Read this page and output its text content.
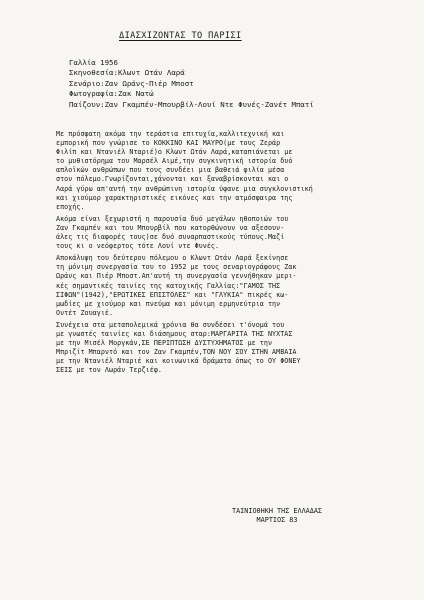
ΔΙΑΣΧΙΖΟΝΤΑΣ ΤΟ ΠΑΡΙΣΙ
Γαλλία 1956
Σκηνοθεσία:Κλωντ Ωτάν Λαρά
Σενάριο:Ζαν Ωράνς-Πιέρ Μποστ
Φωτογραφία:Ζακ Νατώ
Παίζουν:Ζαν Γκαμπέν-Μπουρβίλ-Λουί Ντε Φυνές-Ζανέτ Μπατί

Με πρόσφατη ακόμα την τεράστια επιτυχία,καλλιτεχνική και

εμπορική που γνώρισε το ΚΟΚΚΙΝΟ ΚΑΙ ΜΑΥΡΟ(με τους Ζεράρ

Φιλίπ και Ντανιέλ Νταριέ)ο Κλωντ Ωτάν Λαρά,καταπιάνεται με

το μυθιστόρημα του Μαρσέλ Αιμέ,την συγκινητική ιστορία δυό

απλοϊκών ανθρώπων που τους συνδέει μια βαθειά φιλία μέσα

στον πόλεμο.Γνωρίζονται,χάνονται και ξαναβρίσκονται και ο

Λαρά γύρω απ'αυτή την ανθρώπινη ιστορία ύφανε μια συγκλονιστική

και χιούμορ χαρακτηριστικές εικόνες και την ατμόσφαιρα της

εποχής.

Ακόμα είναι ξεχωριστή η παρουσία δυό μεγάλων ηθοποιών του

Ζαν Γκαμπέν και του Μπουρβίλ που κατορθώνουν να αξεσουν-

άλες τις διαφορές τους)σε δυό συναρπαστικούς τύπους.Μαζί

τους κι ο νεόφερτος τότε Λουί ντε Φυνές.

Αποκάλυψη του δεύτερου πόλεμου ο Κλωντ Ωτάν Λαρά ξεκίνησε

τη μόνιμη συνεργασία του το 1952 με τους σεναριογράφους Ζακ

Ωράνς και Πιέρ Μποστ.Απ'αυτή τη συνεργασία γεννήθηκαν μερι-

κές σημαντικές ταινίες της κατοχικής Γαλλίας:"ΓΑΜΟΣ ΤΗΣ

ΣΙΦΩΝ"(1942),"ΕΡΩΤΙΚΕΣ ΕΠΙΣΤΟΛΕΣ" και "ΓΛΥΚΙΑ" πικρές κω-

μωδίες με χιούμορ και πνεύμα και μόνιμη ερμηνεύτρια την

Οντέτ Ζουαγιέ.

Συνέχεια στα μεταπολεμικά χρόνια θα συνδέσει τ'όνομά του

με γνωστές ταινίες και διάσημους σταρ:ΜΑΡΓΑΡΙΤΑ ΤΗΣ ΝΥΧΤΑΣ

με την Μισέλ Μοργκάν,ΣΕ ΠΕΡΙΠΤΩΣΗ ΔΥΣΤΥΧΗΜΑΤΟΣ με την

Μπριζίτ Μπαρντό και τον Ζαν Γκαμπέν,ΤΟΝ ΝΟΥ ΣΟΥ ΣΤΗΝ ΑΜΒΑΙΑ

με την Ντανιέλ Νταριέ και κοινωνικά δράματα όπως το ΟΥ ΦΟΝΕΥ

ΣΕΙΣ με τον Λωράν Τερζιέφ.

ΤΑΙΝΙΟΘΗΚΗ ΤΗΣ ΕΛΛΑΔΑΣ
ΜΑΡΤΙΟΣ 83
